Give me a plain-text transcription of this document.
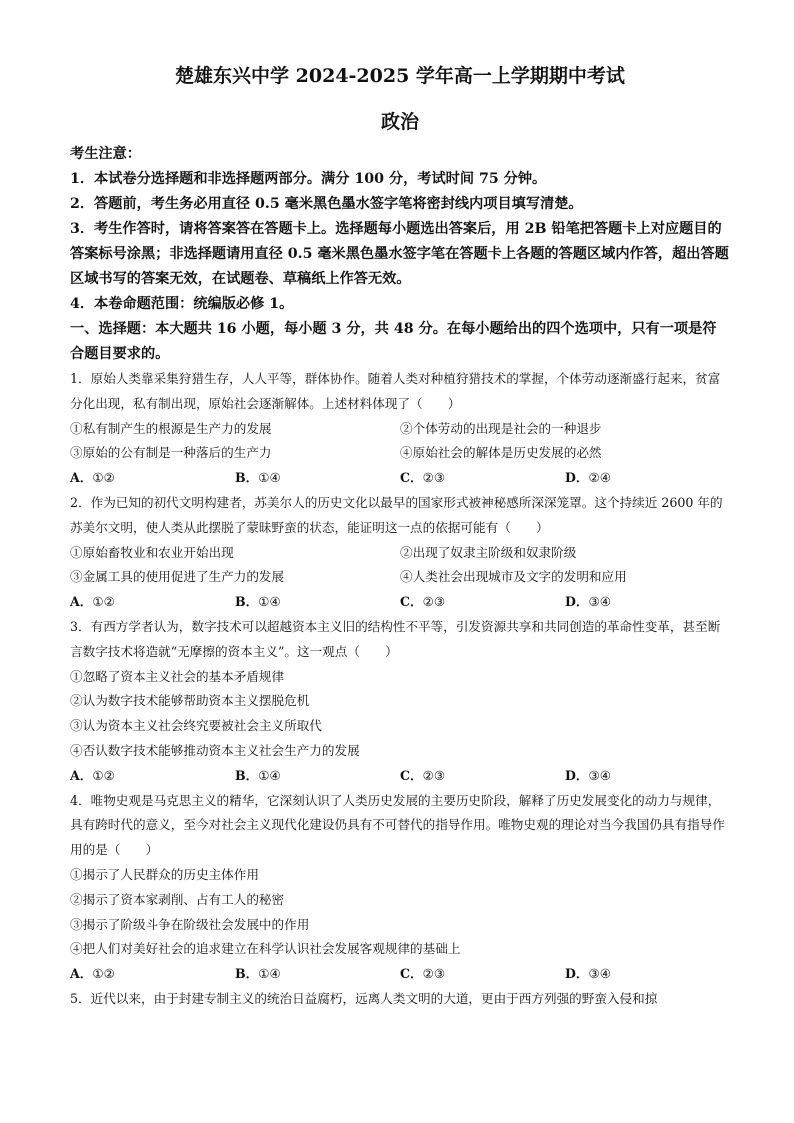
楚雄东兴中学 2024-2025 学年高一上学期期中考试
政治

考生注意：

1．本试卷分选择题和非选择题两部分。满分 100 分，考试时间 75 分钟。

2．答题前，考生务必用直径 0.5 毫米黑色墨水签字笔将密封线内项目填写清楚。

3．考生作答时，请将答案答在答题卡上。选择题每小题选出答案后，用 2B 铅笔把答题卡上对应题目的答案标号涂黑；非选择题请用直径 0.5 毫米黑色墨水签字笔在答题卡上各题的答题区域内作答，超出答题区域书写的答案无效，在试题卷、草稿纸上作答无效。

4．本卷命题范围：统编版必修 1。

一、选择题：本大题共 16 小题，每小题 3 分，共 48 分。在每小题给出的四个选项中，只有一项是符合题目要求的。

1．原始人类靠采集狩猎生存，人人平等，群体协作。随着人类对种植狩猎技术的掌握，个体劳动逐渐盛行起来，贫富分化出现，私有制出现，原始社会逐渐解体。上述材料体现了（　　）

①私有制产生的根源是生产力的发展	②个体劳动的出现是社会的一种退步
③原始的公有制是一种落后的生产力	④原始社会的解体是历史发展的必然
A．①②	B．①④	C．②③	D．②④

2．作为已知的初代文明构建者，苏美尔人的历史文化以最早的国家形式被神秘感所深深笼罩。这个持续近 2600 年的苏美尔文明，使人类从此摆脱了蒙昧野蛮的状态，能证明这一点的依据可能有（　　）

①原始畜牧业和农业开始出现	②出现了奴隶主阶级和奴隶阶级
③金属工具的使用促进了生产力的发展	④人类社会出现城市及文字的发明和应用
A．①②	B．①④	C．②③	D．③④

3．有西方学者认为，数字技术可以超越资本主义旧的结构性不平等，引发资源共享和共同创造的革命性变革，甚至断言数字技术将造就“无摩擦的资本主义”。这一观点（　　）

①忽略了资本主义社会的基本矛盾规律

②认为数字技术能够帮助资本主义摆脱危机

③认为资本主义社会终究要被社会主义所取代

④否认数字技术能够推动资本主义社会生产力的发展

A．①②	B．①④	C．②③	D．③④

4．唯物史观是马克思主义的精华，它深刻认识了人类历史发展的主要历史阶段，解释了历史发展变化的动力与规律，具有跨时代的意义，至今对社会主义现代化建设仍具有不可替代的指导作用。唯物史观的理论对当今我国仍具有指导作用的是（　　）

①揭示了人民群众的历史主体作用

②揭示了资本家剥削、占有工人的秘密

③揭示了阶级斗争在阶级社会发展中的作用

④把人们对美好社会的追求建立在科学认识社会发展客观规律的基础上

A．①②	B．①④	C．②③	D．③④

5．近代以来，由于封建专制主义的统治日益腐朽，远离人类文明的大道，更由于西方列强的野蛮入侵和掠
